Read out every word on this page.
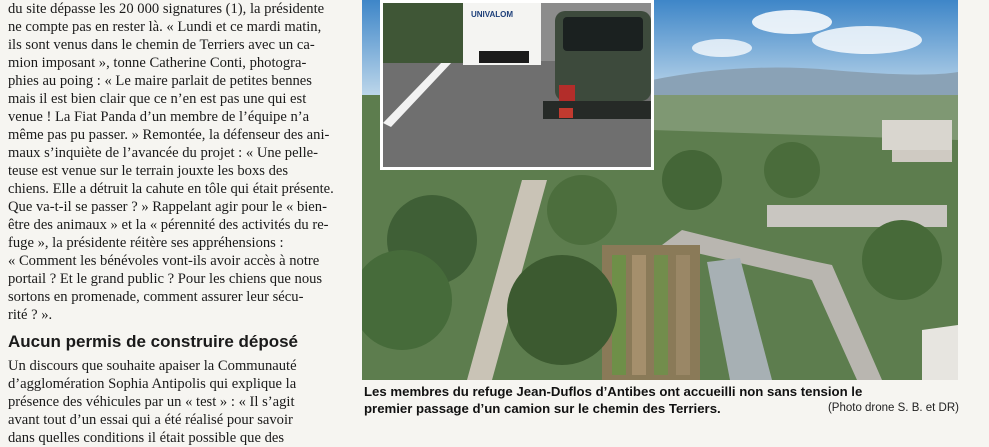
du site dépasse les 20 000 signatures (1), la présidente
ne compte pas en rester là. « Lundi et ce mardi matin,
ils sont venus dans le chemin de Terriers avec un ca-
mion imposant », tonne Catherine Conti, photogra-
phies au poing : « Le maire parlait de petites bennes
mais il est bien clair que ce n’en est pas une qui est
venue ! La Fiat Panda d’un membre de l’équipe n’a
même pas pu passer. » Remontée, la défenseur des ani-
maux s’inquiète de l’avancée du projet : « Une pelle-
teuse est venue sur le terrain jouxte les boxs des
chiens. Elle a détruit la cahute en tôle qui était présente.
Que va-t-il se passer ? » Rappelant agir pour le « bien-
être des animaux » et la « pérennité des activités du re-
fuge », la présidente réitère ses appréhensions :
« Comment les bénévoles vont-ils avoir accès à notre
portail ? Et le grand public ? Pour les chiens que nous
sortons en promenade, comment assurer leur sécu-
rité ? ».

Aucun permis de construire déposé

Un discours que souhaite apaiser la Communauté
d’agglomération Sophia Antipolis qui explique la
présence des véhicules par un « test » : « Il s’agit
avant tout d’un essai qui a été réalisé pour savoir
dans quelles conditions il était possible que des

UNIVALOM
Les membres du refuge Jean-Duflos d’Antibes ont accueilli non sans tension le
premier passage d’un camion sur le chemin des Terriers.	(Photo drone S. B. et DR)
